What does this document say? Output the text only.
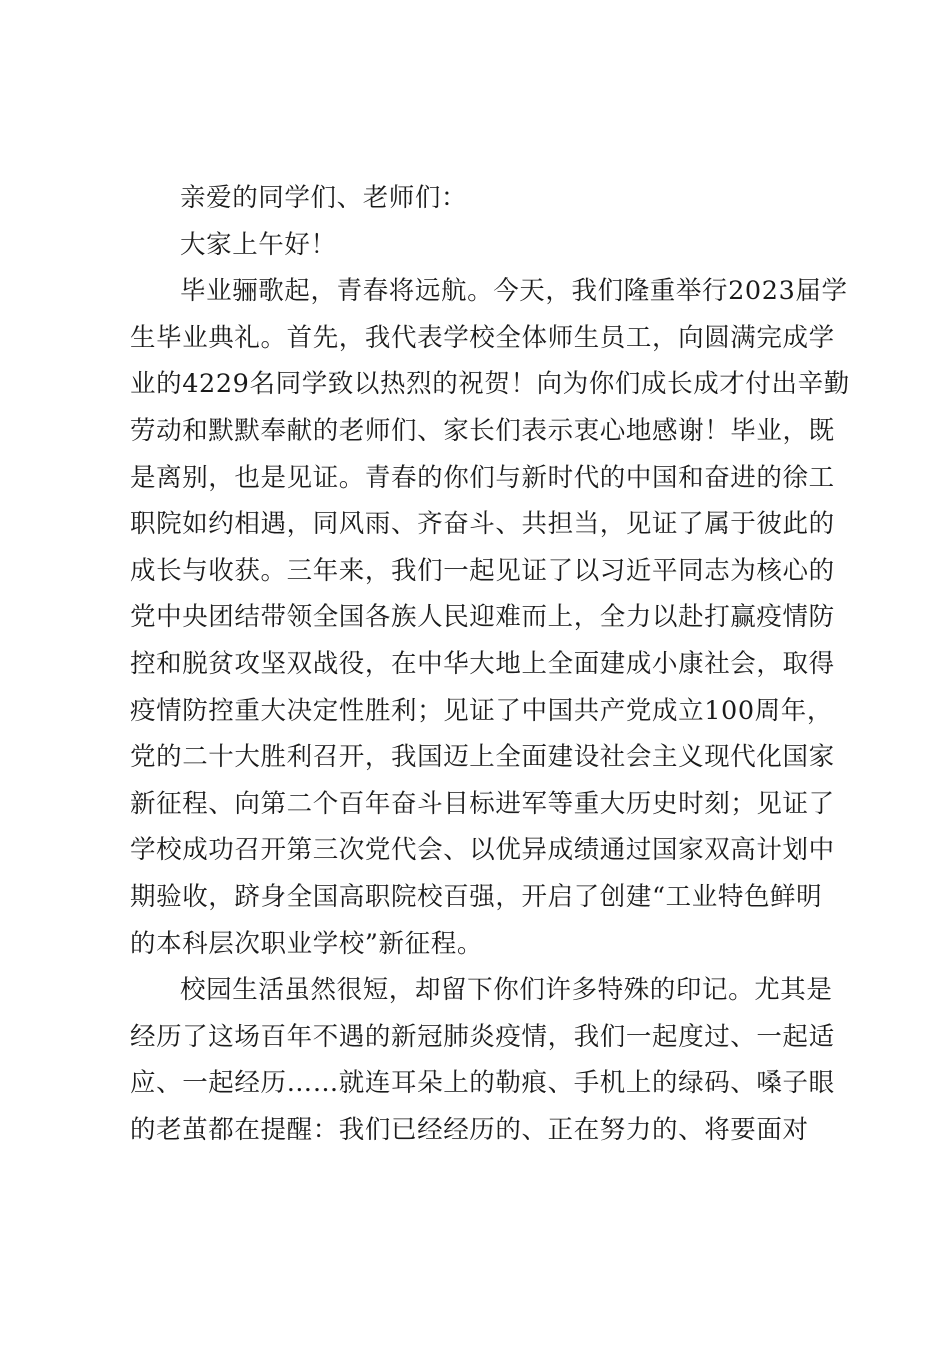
亲爱的同学们、老师们：
大家上午好！
毕业骊歌起，青春将远航。今天，我们隆重举行2023届学
生毕业典礼。首先，我代表学校全体师生员工，向圆满完成学
业的4229名同学致以热烈的祝贺！向为你们成长成才付出辛勤
劳动和默默奉献的老师们、家长们表示衷心地感谢！毕业，既
是离别，也是见证。青春的你们与新时代的中国和奋进的徐工
职院如约相遇，同风雨、齐奋斗、共担当，见证了属于彼此的
成长与收获。三年来，我们一起见证了以习近平同志为核心的
党中央团结带领全国各族人民迎难而上，全力以赴打赢疫情防
控和脱贫攻坚双战役，在中华大地上全面建成小康社会，取得
疫情防控重大决定性胜利；见证了中国共产党成立100周年，
党的二十大胜利召开，我国迈上全面建设社会主义现代化国家
新征程、向第二个百年奋斗目标进军等重大历史时刻；见证了
学校成功召开第三次党代会、以优异成绩通过国家双高计划中
期验收，跻身全国高职院校百强，开启了创建“工业特色鲜明
的本科层次职业学校”新征程。
校园生活虽然很短，却留下你们许多特殊的印记。尤其是
经历了这场百年不遇的新冠肺炎疫情，我们一起度过、一起适
应、一起经历……就连耳朵上的勒痕、手机上的绿码、嗓子眼
的老茧都在提醒：我们已经经历的、正在努力的、将要面对
